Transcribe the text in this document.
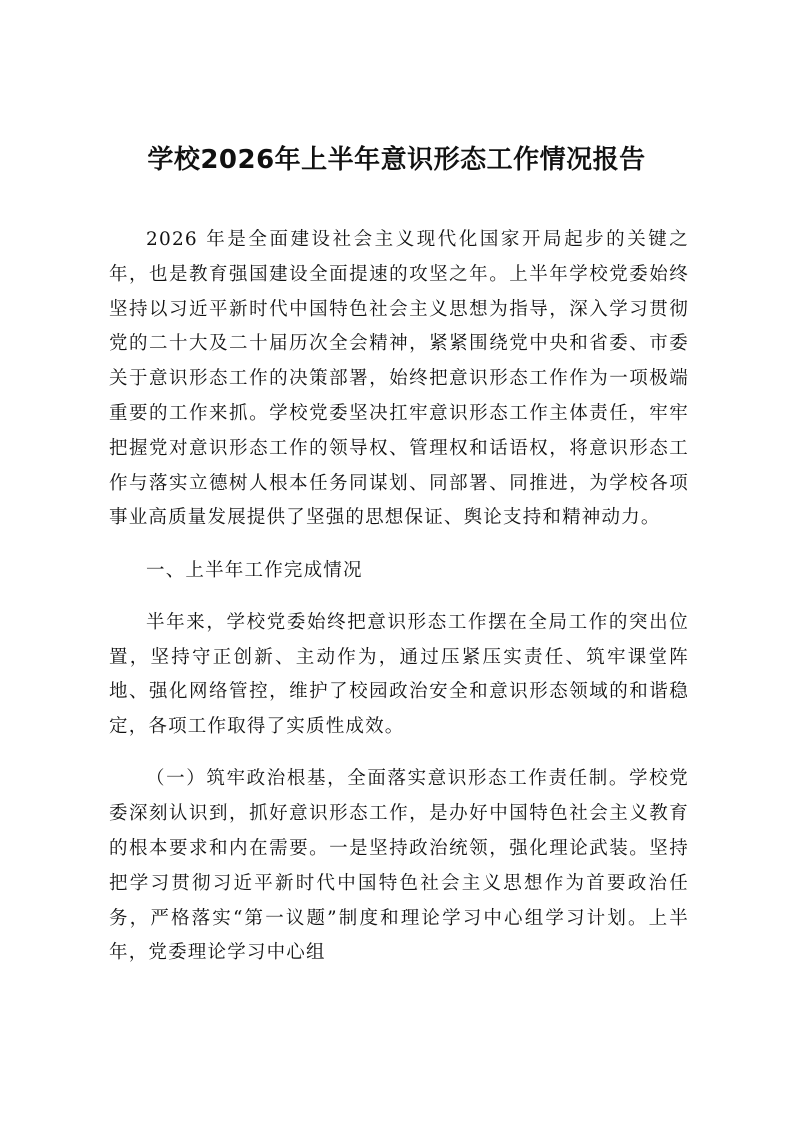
学校2026年上半年意识形态工作情况报告

2026 年是全面建设社会主义现代化国家开局起步的关键之年，也是教育强国建设全面提速的攻坚之年。上半年学校党委始终坚持以习近平新时代中国特色社会主义思想为指导，深入学习贯彻党的二十大及二十届历次全会精神，紧紧围绕党中央和省委、市委关于意识形态工作的决策部署，始终把意识形态工作作为一项极端重要的工作来抓。学校党委坚决扛牢意识形态工作主体责任，牢牢把握党对意识形态工作的领导权、管理权和话语权，将意识形态工作与落实立德树人根本任务同谋划、同部署、同推进，为学校各项事业高质量发展提供了坚强的思想保证、舆论支持和精神动力。

一、上半年工作完成情况

半年来，学校党委始终把意识形态工作摆在全局工作的突出位置，坚持守正创新、主动作为，通过压紧压实责任、筑牢课堂阵地、强化网络管控，维护了校园政治安全和意识形态领域的和谐稳定，各项工作取得了实质性成效。

（一）筑牢政治根基，全面落实意识形态工作责任制。学校党委深刻认识到，抓好意识形态工作，是办好中国特色社会主义教育的根本要求和内在需要。一是坚持政治统领，强化理论武装。坚持把学习贯彻习近平新时代中国特色社会主义思想作为首要政治任务，严格落实“第一议题”制度和理论学习中心组学习计划。上半年，党委理论学习中心组
